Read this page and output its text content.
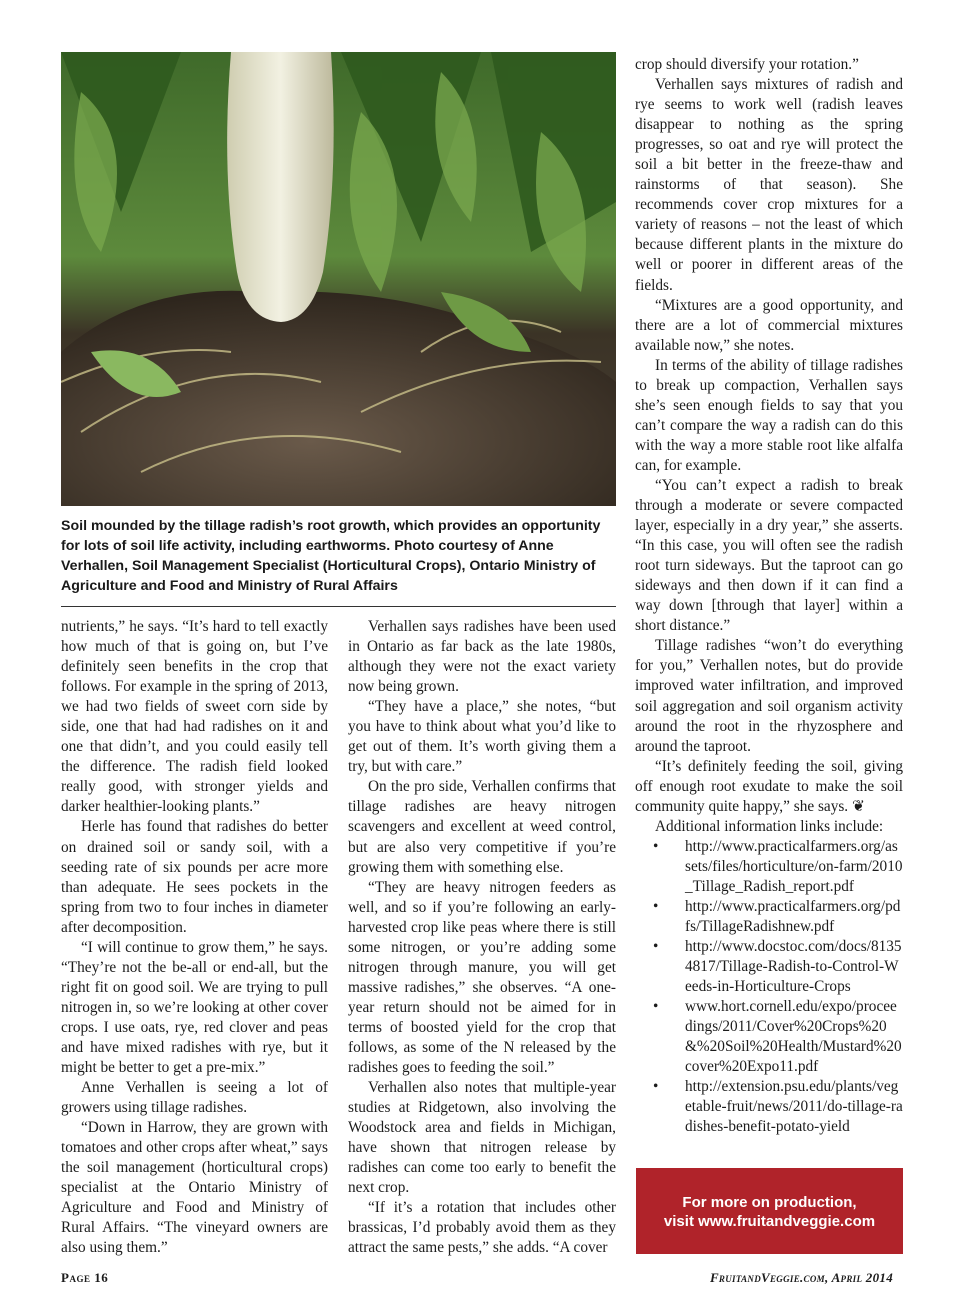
Soil mounded by the tillage radish’s root growth, which provides an opportunity for lots of soil life activity, including earthworms. Photo courtesy of Anne Verhallen, Soil Management Specialist (Horticultural Crops), Ontario Ministry of Agriculture and Food and Ministry of Rural Affairs

nutrients,” he says. “It’s hard to tell exactly how much of that is going on, but I’ve definitely seen benefits in the crop that follows. For example in the spring of 2013, we had two fields of sweet corn side by side, one that had had radishes on it and one that didn’t, and you could easily tell the difference. The radish field looked really good, with stronger yields and darker healthier-looking plants.”

Herle has found that radishes do better on drained soil or sandy soil, with a seeding rate of six pounds per acre more than adequate. He sees pockets in the spring from two to four inches in diameter after decomposition.

“I will continue to grow them,” he says. “They’re not the be-all or end-all, but the right fit on good soil. We are trying to pull nitrogen in, so we’re looking at other cover crops. I use oats, rye, red clover and peas and have mixed radishes with rye, but it might be better to get a pre-mix.”

Anne Verhallen is seeing a lot of growers using tillage radishes.

“Down in Harrow, they are grown with tomatoes and other crops after wheat,” says the soil management (horticultural crops) specialist at the Ontario Ministry of Agriculture and Food and Ministry of Rural Affairs. “The vineyard owners are also using them.”

Verhallen says radishes have been used in Ontario as far back as the late 1980s, although they were not the exact variety now being grown.

“They have a place,” she notes, “but you have to think about what you’d like to get out of them. It’s worth giving them a try, but with care.”

On the pro side, Verhallen confirms that tillage radishes are heavy nitrogen scavengers and excellent at weed control, but are also very competitive if you’re growing them with something else.

“They are heavy nitrogen feeders as well, and so if you’re following an early-harvested crop like peas where there is still some nitrogen, or you’re adding some nitrogen through manure, you will get massive radishes,” she observes. “A one-year return should not be aimed for in terms of boosted yield for the crop that follows, as some of the N released by the radishes goes to feeding the soil.”

Verhallen also notes that multiple-year studies at Ridgetown, also involving the Woodstock area and fields in Michigan, have shown that nitrogen release by radishes can come too early to benefit the next crop.

“If it’s a rotation that includes other brassicas, I’d probably avoid them as they attract the same pests,” she adds. “A cover

crop should diversify your rotation.”

Verhallen says mixtures of radish and rye seems to work well (radish leaves disappear to nothing as the spring progresses, so oat and rye will protect the soil a bit better in the freeze-thaw and rainstorms of that season). She recommends cover crop mixtures for a variety of reasons – not the least of which because different plants in the mixture do well or poorer in different areas of the fields.

“Mixtures are a good opportunity, and there are a lot of commercial mixtures available now,” she notes.

In terms of the ability of tillage radishes to break up compaction, Verhallen says she’s seen enough fields to say that you can’t compare the way a radish can do this with the way a more stable root like alfalfa can, for example.

“You can’t expect a radish to break through a moderate or severe compacted layer, especially in a dry year,” she asserts. “In this case, you will often see the radish root turn sideways. But the taproot can go sideways and then down if it can find a way down [through that layer] within a short distance.”

Tillage radishes “won’t do everything for you,” Verhallen notes, but do provide improved water infiltration, and improved soil aggregation and soil organism activity around the root in the rhyzosphere and around the taproot.

“It’s definitely feeding the soil, giving off enough root exudate to make the soil community quite happy,” she says. ❦

Additional information links include:

• http://www.practicalfarmers.org/assets/files/horticulture/on-farm/2010_Tillage_Radish_report.pdf
• http://www.practicalfarmers.org/pdfs/TillageRadishnew.pdf
• http://www.docstoc.com/docs/81354817/Tillage-Radish-to-Control-Weeds-in-Horticulture-Crops
• www.hort.cornell.edu/expo/proceedings/2011/Cover%20Crops%20&%20Soil%20Health/Mustard%20cover%20Expo11.pdf
• http://extension.psu.edu/plants/vegetable-fruit/news/2011/do-tillage-radishes-benefit-potato-yield
For more on production,
visit www.fruitandveggie.com
Page 16	FruitandVeggie.com, April 2014
